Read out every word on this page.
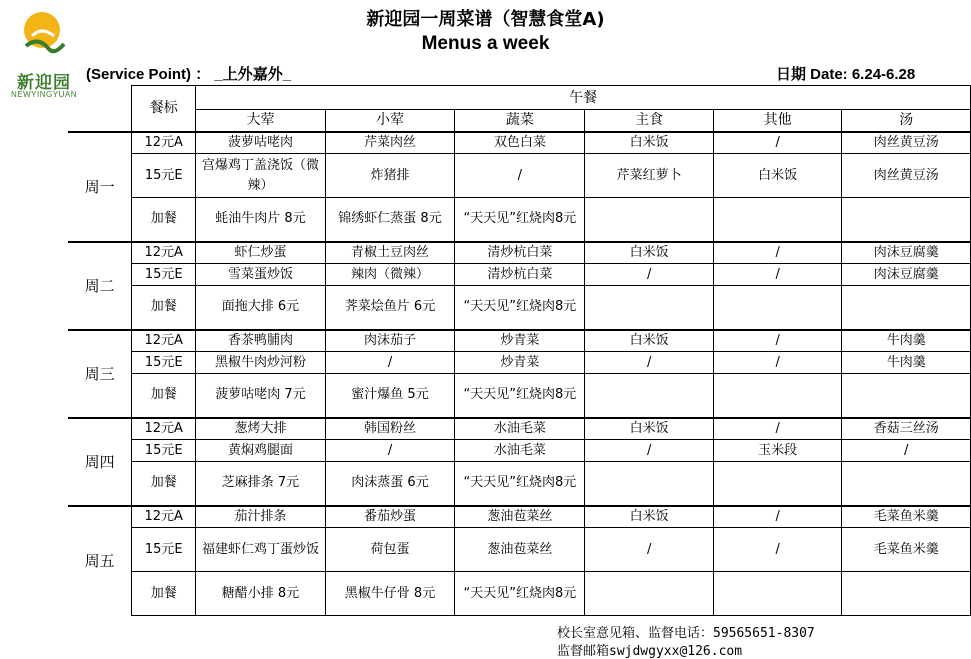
新迎园
NEWYINGYUAN
新迎园一周菜谱（智慧食堂A)
Menus a week
(Service Point) ： _上外嘉外_	日期 Date: 6.24-6.28
	餐标	午餐					
		大荤	小荤	蔬菜	主食	其他	汤
周一	12元A	菠萝咕咾肉	芹菜肉丝	双色白菜	白米饭	/	肉丝黄豆汤
	15元E	宫爆鸡丁盖浇饭（微辣）	炸猪排	/	芹菜红萝卜	白米饭	肉丝黄豆汤
	加餐	蚝油牛肉片 8元	锦绣虾仁蒸蛋 8元	“天天见”红烧肉8元			
周二	12元A	虾仁炒蛋	青椒土豆肉丝	清炒杭白菜	白米饭	/	肉沫豆腐羹
	15元E	雪菜蛋炒饭	辣肉（微辣）	清炒杭白菜	/	/	肉沫豆腐羹
	加餐	面拖大排 6元	荠菜烩鱼片 6元	“天天见”红烧肉8元			
周三	12元A	香茶鸭脯肉	肉沫茄子	炒青菜	白米饭	/	牛肉羹
	15元E	黑椒牛肉炒河粉	/	炒青菜	/	/	牛肉羹
	加餐	菠萝咕咾肉 7元	蜜汁爆鱼 5元	“天天见”红烧肉8元			
周四	12元A	葱烤大排	韩国粉丝	水油毛菜	白米饭	/	香菇三丝汤
	15元E	黄焖鸡腿面	/	水油毛菜	/	玉米段	/
	加餐	芝麻排条 7元	肉沫蒸蛋 6元	“天天见”红烧肉8元			
周五	12元A	茄汁排条	番茄炒蛋	葱油苞菜丝	白米饭	/	毛菜鱼米羹
	15元E	福建虾仁鸡丁蛋炒饭	荷包蛋	葱油苞菜丝	/	/	毛菜鱼米羹
	加餐	糖醋小排 8元	黑椒牛仔骨 8元	“天天见”红烧肉8元			
校长室意见箱、监督电话：59565651-8307
监督邮箱swjdwgyxx@126.com
